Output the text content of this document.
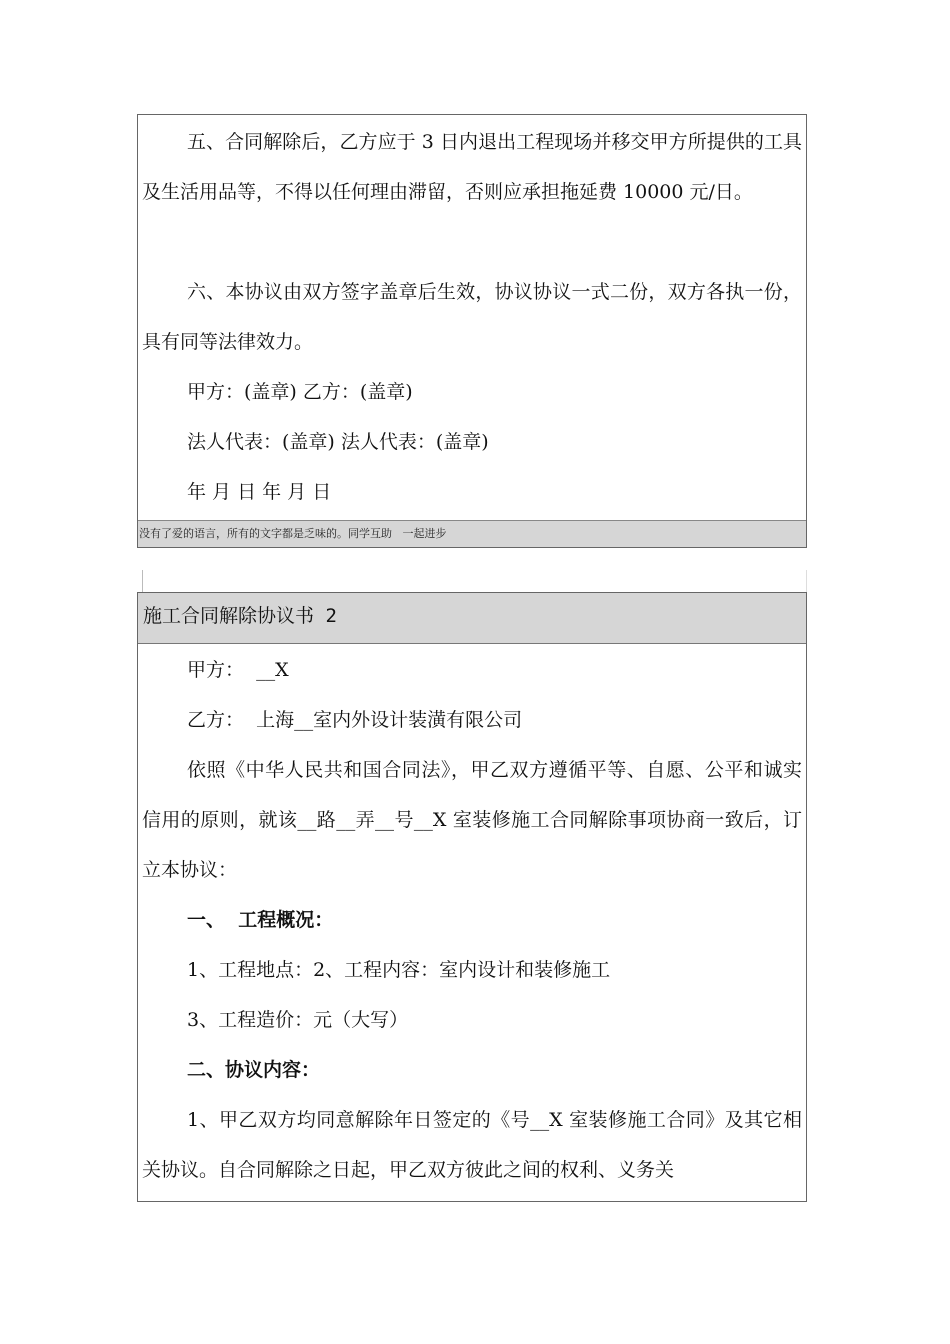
五、合同解除后，乙方应于 3 日内退出工程现场并移交甲方所提供的工具及生活用品等，不得以任何理由滞留，否则应承担拖延费 10000 元/日。

六、本协议由双方签字盖章后生效，协议协议一式二份，双方各执一份，具有同等法律效力。

甲方：(盖章) 乙方：(盖章)
法人代表：(盖章) 法人代表：(盖章)
年 月 日 年 月 日
没有了爱的语言，所有的文字都是乏味的。同学互助   一起进步
施工合同解除协议书 2
甲方：  __X
乙方：  上海__室内外设计装潢有限公司

依照《中华人民共和国合同法》，甲乙双方遵循平等、自愿、公平和诚实信用的原则，就该__路__弄__号__X 室装修施工合同解除事项协商一致后，订立本协议：

一、  工程概况：
1、工程地点：2、工程内容：室内设计和装修施工
3、工程造价：元（大写）
二、协议内容：

1、甲乙双方均同意解除年日签定的《号__X 室装修施工合同》及其它相关协议。自合同解除之日起，甲乙双方彼此之间的权利、义务关
